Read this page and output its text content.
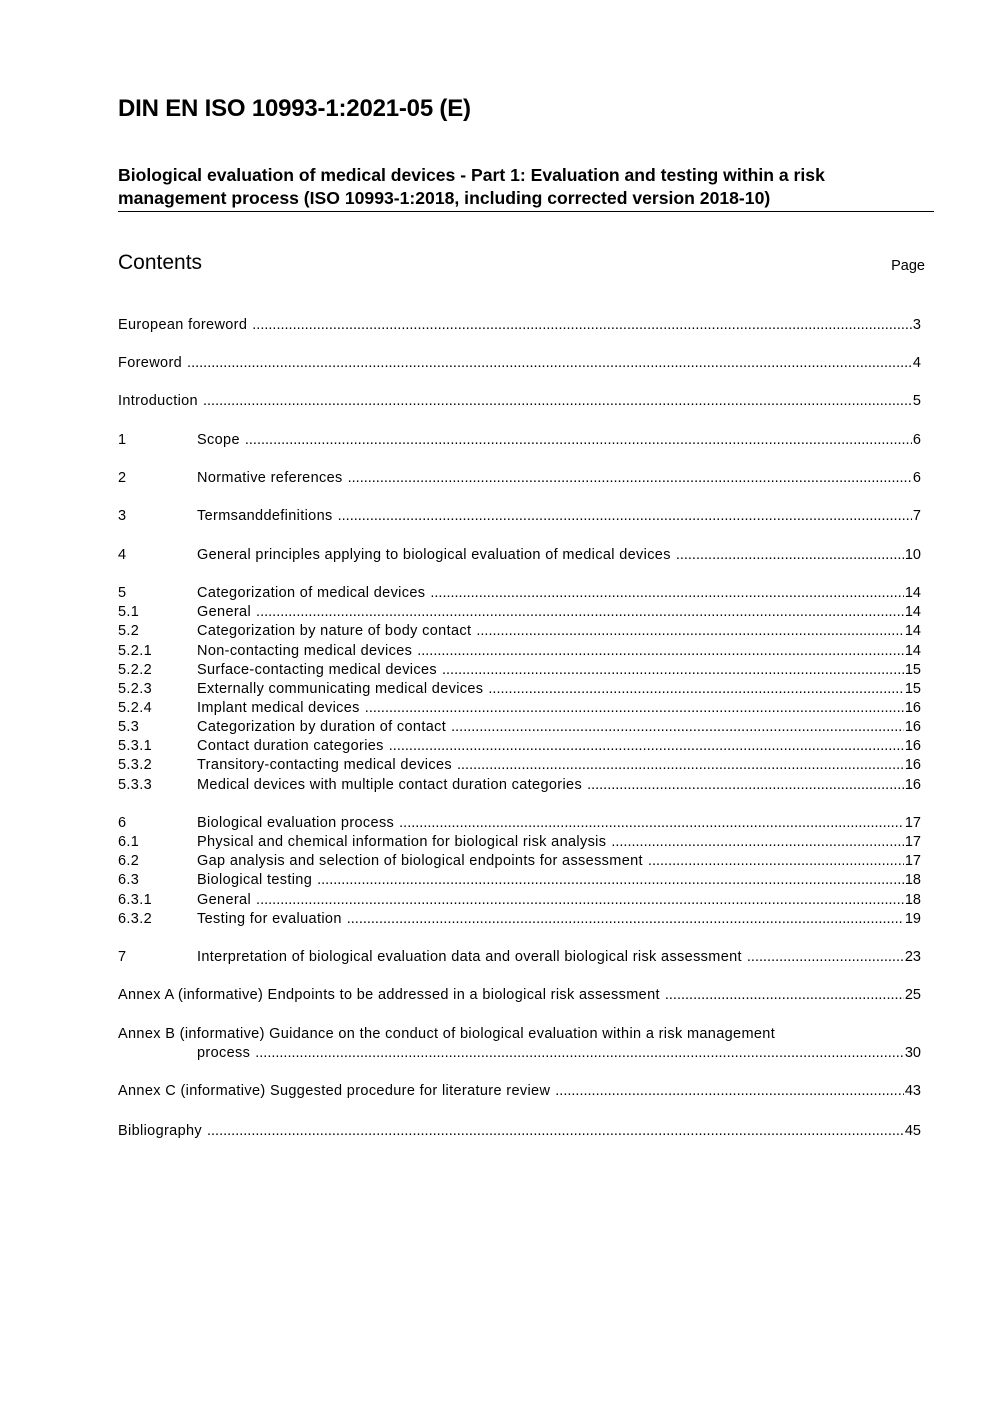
DIN EN ISO 10993-1:2021-05 (E)
Biological evaluation of medical devices - Part 1: Evaluation and testing within a risk
management process (ISO 10993-1:2018, including corrected version 2018-10)
Contents	Page
European foreword .....	3
Foreword .....	4
Introduction .....	5
1	Scope .....	6
2	Normative references .....	6
3	Termsanddefinitions .....	7
4	General principles applying to biological evaluation of medical devices .....	10
5	Categorization of medical devices .....	14
5.1	General .....	14
5.2	Categorization by nature of body contact .....	14
5.2.1	Non-contacting medical devices .....	14
5.2.2	Surface-contacting medical devices .....	15
5.2.3	Externally communicating medical devices .....	15
5.2.4	Implant medical devices .....	16
5.3	Categorization by duration of contact .....	16
5.3.1	Contact duration categories .....	16
5.3.2	Transitory-contacting medical devices .....	16
5.3.3	Medical devices with multiple contact duration categories .....	16
6	Biological evaluation process .....	17
6.1	Physical and chemical information for biological risk analysis .....	17
6.2	Gap analysis and selection of biological endpoints for assessment .....	17
6.3	Biological testing .....	18
6.3.1	General .....	18
6.3.2	Testing for evaluation .....	19
7	Interpretation of biological evaluation data and overall biological risk assessment .....	23
Annex A (informative) Endpoints to be addressed in a biological risk assessment .....	25
Annex B (informative) Guidance on the conduct of biological evaluation within a risk management
process .....	30
Annex C (informative) Suggested procedure for literature review .....	43
Bibliography .....	45
